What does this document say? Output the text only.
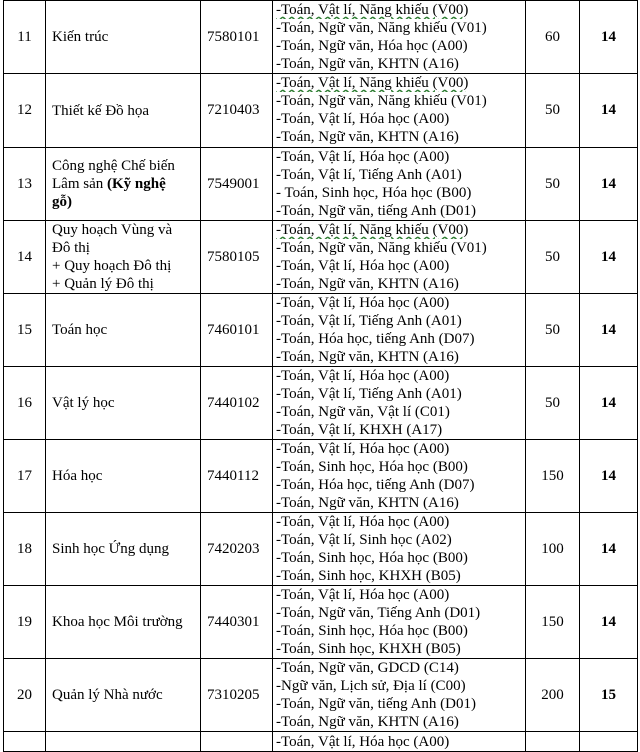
11	Kiến trúc	7580101	-Toán, Vật lí, Năng khiếu (V00)
-Toán, Ngữ văn, Năng khiếu (V01)
-Toán, Ngữ văn, Hóa học (A00)
-Toán, Ngữ văn, KHTN (A16)	60	14
12	Thiết kế Đồ họa	7210403	-Toán, Vật lí, Năng khiếu (V00)
-Toán, Ngữ văn, Năng khiếu (V01)
-Toán, Vật lí, Hóa học (A00)
-Toán, Ngữ văn, KHTN (A16)	50	14
13	Công nghệ Chế biến
Lâm sản (Kỹ nghệ
gỗ)	7549001	-Toán, Vật lí, Hóa học (A00)
-Toán, Vật lí, Tiếng Anh (A01)
- Toán, Sinh học, Hóa học (B00)
-Toán, Ngữ văn, tiếng Anh (D01)	50	14
14	Quy hoạch Vùng và
Đô thị
+ Quy hoạch Đô thị
+ Quản lý Đô thị	7580105	-Toán, Vật lí, Năng khiếu (V00)
-Toán, Ngữ văn, Năng khiếu (V01)
-Toán, Vật lí, Hóa học (A00)
-Toán, Ngữ văn, KHTN (A16)	50	14
15	Toán học	7460101	-Toán, Vật lí, Hóa học (A00)
-Toán, Vật lí, Tiếng Anh (A01)
-Toán, Hóa học, tiếng Anh (D07)
-Toán, Ngữ văn, KHTN (A16)	50	14
16	Vật lý học	7440102	-Toán, Vật lí, Hóa học (A00)
-Toán, Vật lí, Tiếng Anh (A01)
-Toán, Ngữ văn, Vật lí (C01)
-Toán, Vật lí, KHXH (A17)	50	14
17	Hóa học	7440112	-Toán, Vật lí, Hóa học (A00)
-Toán, Sinh học, Hóa học (B00)
-Toán, Hóa học, tiếng Anh (D07)
-Toán, Ngữ văn, KHTN (A16)	150	14
18	Sinh học Ứng dụng	7420203	-Toán, Vật lí, Hóa học (A00)
-Toán, Vật lí, Sinh học (A02)
-Toán, Sinh học, Hóa học (B00)
-Toán, Sinh học, KHXH (B05)	100	14
19	Khoa học Môi trường	7440301	-Toán, Vật lí, Hóa học (A00)
-Toán, Ngữ văn, Tiếng Anh (D01)
-Toán, Sinh học, Hóa học (B00)
-Toán, Sinh học, KHXH (B05)	150	14
20	Quản lý Nhà nước	7310205	-Toán, Ngữ văn, GDCD (C14)
-Ngữ văn, Lịch sử, Địa lí (C00)
-Toán, Ngữ văn, tiếng Anh (D01)
-Toán, Ngữ văn, KHTN (A16)	200	15

			-Toán, Vật lí, Hóa học (A00)		
